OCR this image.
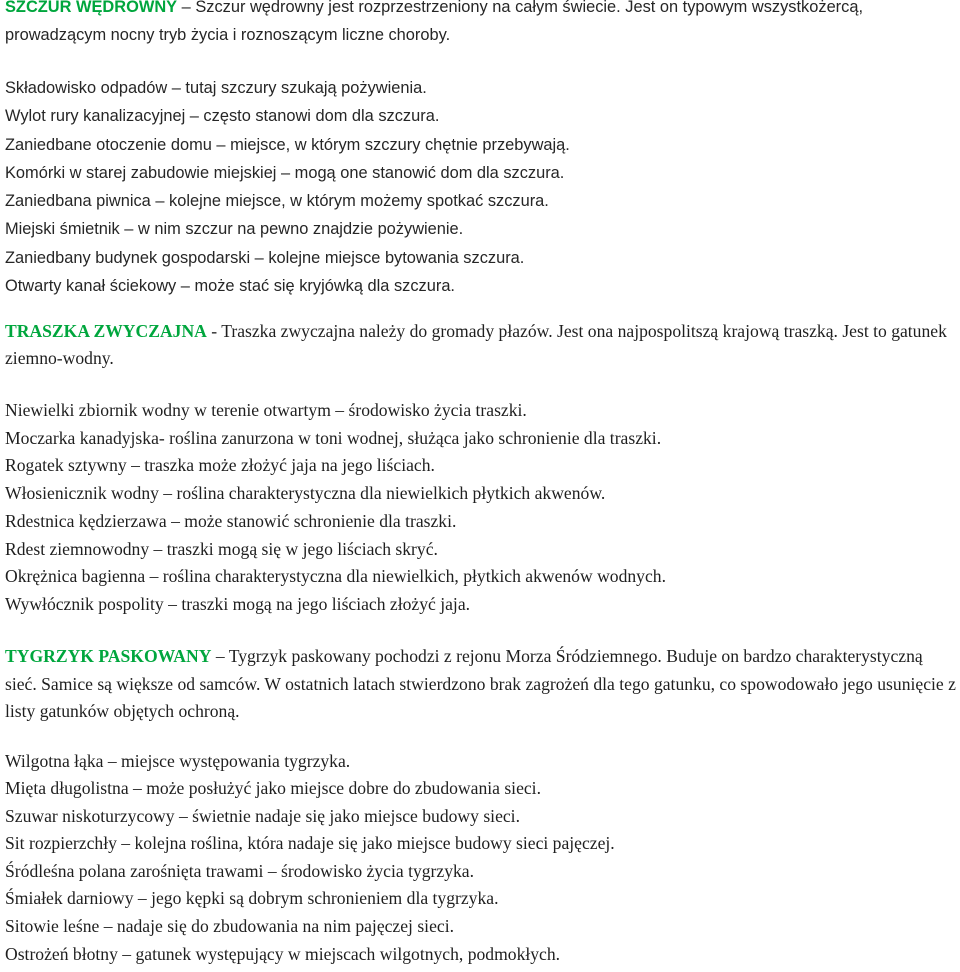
SZCZUR WĘDROWNY – Szczur wędrowny jest rozprzestrzeniony na całym świecie. Jest on typowym wszystkożercą, prowadzącym nocny tryb życia i roznoszącym liczne choroby.

Składowisko odpadów – tutaj szczury szukają pożywienia.
Wylot rury kanalizacyjnej – często stanowi dom dla szczura.
Zaniedbane otoczenie domu – miejsce, w którym szczury chętnie przebywają.
Komórki w starej zabudowie miejskiej – mogą one stanowić dom dla szczura.
Zaniedbana piwnica – kolejne miejsce, w którym możemy spotkać szczura.
Miejski śmietnik – w nim szczur na pewno znajdzie pożywienie.
Zaniedbany budynek gospodarski – kolejne miejsce bytowania szczura.
Otwarty kanał ściekowy – może stać się kryjówką dla szczura.

TRASZKA ZWYCZAJNA - Traszka zwyczajna należy do gromady płazów. Jest ona najpospolitszą krajową traszką. Jest to gatunek ziemno-wodny.

Niewielki zbiornik wodny w terenie otwartym – środowisko życia traszki.
Moczarka kanadyjska- roślina zanurzona w toni wodnej, służąca jako schronienie dla traszki.
Rogatek sztywny – traszka może złożyć jaja na jego liściach.
Włosienicznik wodny – roślina charakterystyczna dla niewielkich płytkich akwenów.
Rdestnica kędzierzawa – może stanowić schronienie dla traszki.
Rdest ziemnowodny – traszki mogą się w jego liściach skryć.
Okrężnica bagienna – roślina charakterystyczna dla niewielkich, płytkich akwenów wodnych.
Wywłócznik pospolity – traszki mogą na jego liściach złożyć jaja.

TYGRZYK PASKOWANY – Tygrzyk paskowany pochodzi z rejonu Morza Śródziemnego. Buduje on bardzo charakterystyczną sieć. Samice są większe od samców. W ostatnich latach stwierdzono brak zagrożeń dla tego gatunku, co spowodowało jego usunięcie z listy gatunków objętych ochroną.

Wilgotna łąka – miejsce występowania tygrzyka.
Mięta długolistna – może posłużyć jako miejsce dobre do zbudowania sieci.
Szuwar niskoturzycowy – świetnie nadaje się jako miejsce budowy sieci.
Sit rozpierzchły – kolejna roślina, która nadaje się jako miejsce budowy sieci pajęczej.
Śródleśna polana zarośnięta trawami – środowisko życia tygrzyka.
Śmiałek darniowy – jego kępki są dobrym schronieniem dla tygrzyka.
Sitowie leśne – nadaje się do zbudowania na nim pajęczej sieci.
Ostrożeń błotny – gatunek występujący w miejscach wilgotnych, podmokłych.
